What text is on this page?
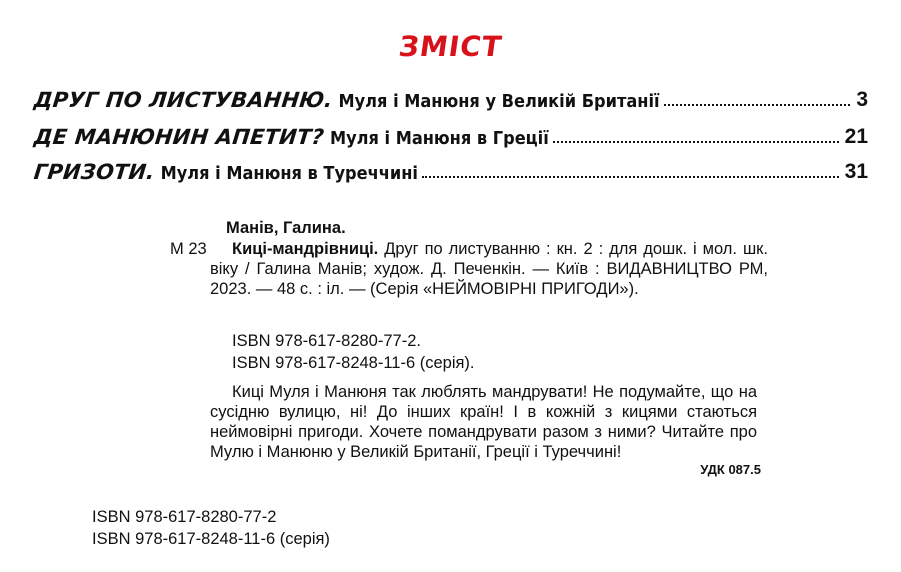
ЗМІСТ
ДРУГ ПО ЛИСТУВАННЮ. Муля і Манюня у Великій Британії	3
ДЕ МАНЮНИН АПЕТИТ? Муля і Манюня в Греції	21
ГРИЗОТИ. Муля і Манюня в Туреччині	31
Манів, Галина.
М 23	Киці-мандрівниці. Друг по листуванню : кн. 2 : для дошк. і мол. шк. віку / Галина Манів; худож. Д. Печенкін. — Київ : ВИДАВНИЦТВО РМ, 2023. — 48 с. : іл. — (Серія «НЕЙМОВІРНІ ПРИГОДИ»).
ISBN 978-617-8280-77-2.
ISBN 978-617-8248-11-6 (серія).
Киці Муля і Манюня так люблять мандрувати! Не подумайте, що на сусідню вулицю, ні! До інших країн! І в кожній з кицями стаються неймовірні пригоди. Хочете помандрувати разом з ними? Читайте про Мулю і Манюню у Великій Британії, Греції і Туреччині!
УДК 087.5
ISBN 978-617-8280-77-2
ISBN 978-617-8248-11-6 (серія)
